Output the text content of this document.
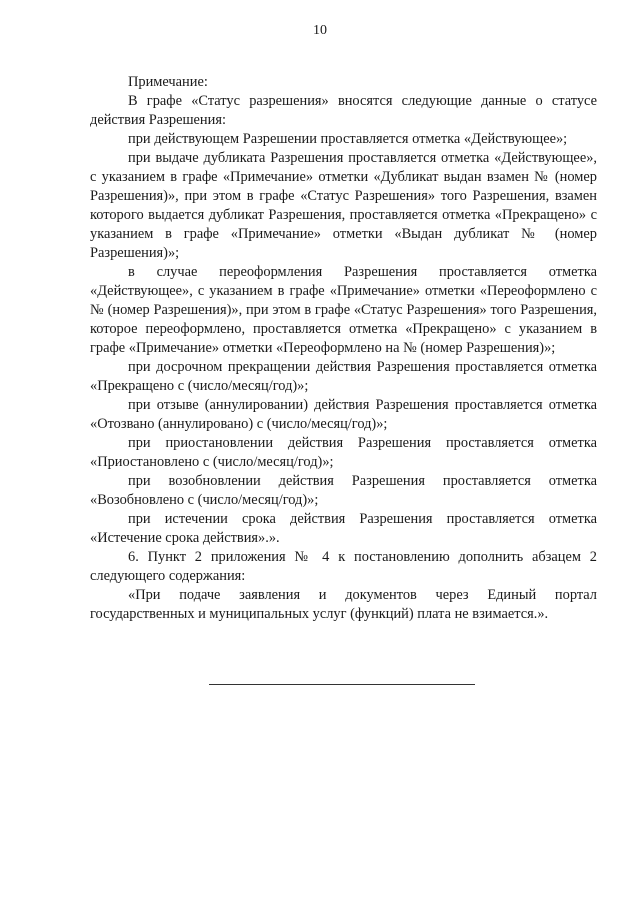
10

Примечание:

В графе «Статус разрешения» вносятся следующие данные о статусе действия Разрешения:

при действующем Разрешении проставляется отметка «Действующее»;

при выдаче дубликата Разрешения проставляется отметка «Действующее», с указанием в графе «Примечание» отметки «Дубликат выдан взамен № (номер Разрешения)», при этом в графе «Статус Разрешения» того Разрешения, взамен которого выдается дубликат Разрешения, проставляется отметка «Прекращено» с указанием в графе «Примечание» отметки «Выдан дубликат № (номер Разрешения)»;

в случае переоформления Разрешения проставляется отметка «Действующее», с указанием в графе «Примечание» отметки «Переоформлено с № (номер Разрешения)», при этом в графе «Статус Разрешения» того Разрешения, которое переоформлено, проставляется отметка «Прекращено» с указанием в графе «Примечание» отметки «Переоформлено на № (номер Разрешения)»;

при досрочном прекращении действия Разрешения проставляется отметка «Прекращено с (число/месяц/год)»;

при отзыве (аннулировании) действия Разрешения проставляется отметка «Отозвано (аннулировано) с (число/месяц/год)»;

при приостановлении действия Разрешения проставляется отметка «Приостановлено с (число/месяц/год)»;

при возобновлении действия Разрешения проставляется отметка «Возобновлено с (число/месяц/год)»;

при истечении срока действия Разрешения проставляется отметка «Истечение срока действия».».

6. Пункт 2 приложения № 4 к постановлению дополнить абзацем 2 следующего содержания:

«При подаче заявления и документов через Единый портал государственных и муниципальных услуг (функций) плата не взимается.».
